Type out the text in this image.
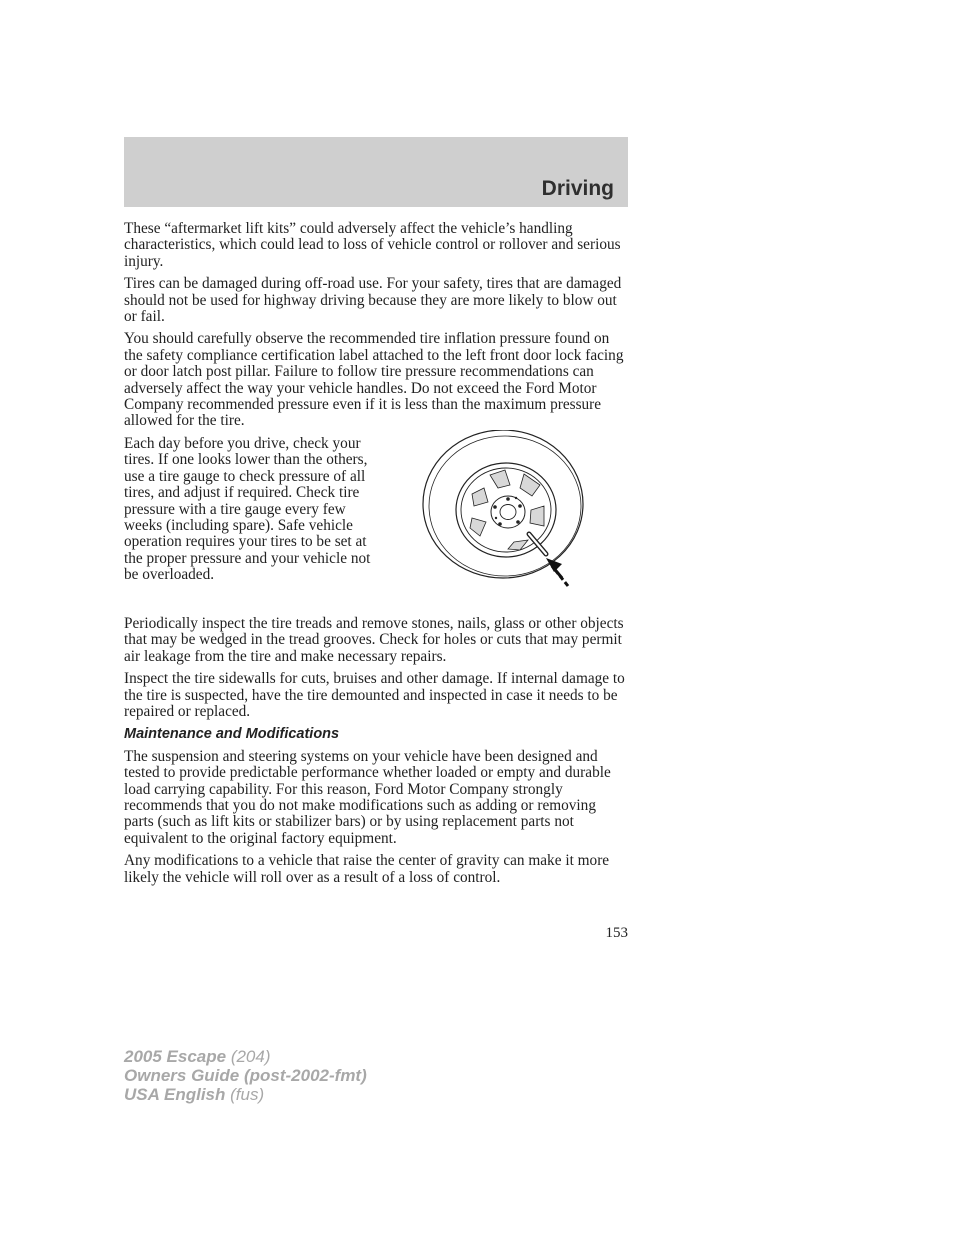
Driving

These “aftermarket lift kits” could adversely affect the vehicle’s handling characteristics, which could lead to loss of vehicle control or rollover and serious injury.

Tires can be damaged during off-road use. For your safety, tires that are damaged should not be used for highway driving because they are more likely to blow out or fail.

You should carefully observe the recommended tire inflation pressure found on the safety compliance certification label attached to the left front door lock facing or door latch post pillar. Failure to follow tire pressure recommendations can adversely affect the way your vehicle handles. Do not exceed the Ford Motor Company recommended pressure even if it is less than the maximum pressure allowed for the tire.

Each day before you drive, check your tires. If one looks lower than the others, use a tire gauge to check pressure of all tires, and adjust if required. Check tire pressure with a tire gauge every few weeks (including spare). Safe vehicle operation requires your tires to be set at the proper pressure and your vehicle not be overloaded.

Periodically inspect the tire treads and remove stones, nails, glass or other objects that may be wedged in the tread grooves. Check for holes or cuts that may permit air leakage from the tire and make necessary repairs.

Inspect the tire sidewalls for cuts, bruises and other damage. If internal damage to the tire is suspected, have the tire demounted and inspected in case it needs to be repaired or replaced.

Maintenance and Modifications

The suspension and steering systems on your vehicle have been designed and tested to provide predictable performance whether loaded or empty and durable load carrying capability. For this reason, Ford Motor Company strongly recommends that you do not make modifications such as adding or removing parts (such as lift kits or stabilizer bars) or by using replacement parts not equivalent to the original factory equipment.

Any modifications to a vehicle that raise the center of gravity can make it more likely the vehicle will roll over as a result of a loss of control.

153
2005 Escape (204)
Owners Guide (post-2002-fmt)
USA English (fus)
